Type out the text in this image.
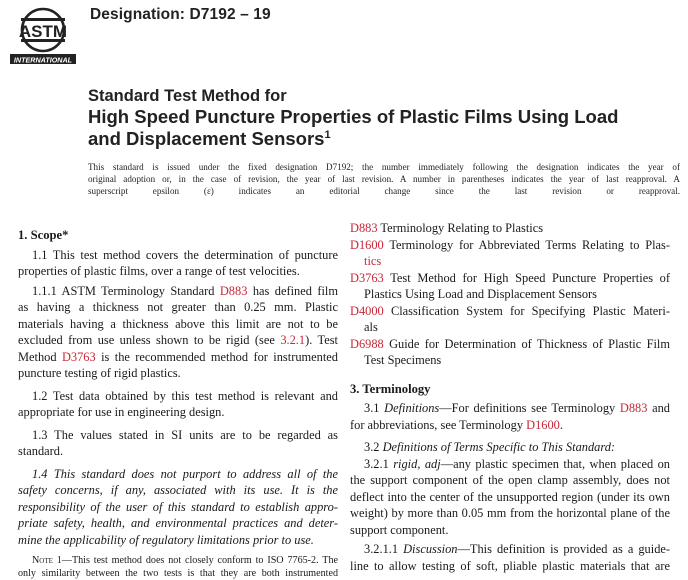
ASTM
INTERNATIONAL
Designation: D7192 – 19
Standard Test Method for
High Speed Puncture Properties of Plastic Films Using Load
and Displacement Sensors$^1$
This standard is issued under the fixed designation D7192; the number immediately following the designation indicates the year of
original adoption or, in the case of revision, the year of last revision. A number in parentheses indicates the year of last reapproval. A
superscript epsilon (ε) indicates an editorial change since the last revision or reapproval.
1. Scope*
1.1 This test method covers the determination of puncture
properties of plastic films, over a range of test velocities.
1.1.1 ASTM Terminology Standard D883 has defined film
as having a thickness not greater than 0.25 mm. Plastic
materials having a thickness above this limit are not to be
excluded from use unless shown to be rigid (see 3.2.1). Test
Method D3763 is the recommended method for instrumented
puncture testing of rigid plastics.
1.2 Test data obtained by this test method is relevant and
appropriate for use in engineering design.
1.3 The values stated in SI units are to be regarded as
standard.
1.4 This standard does not purport to address all of the
safety concerns, if any, associated with its use. It is the
responsibility of the user of this standard to establish appro-
priate safety, health, and environmental practices and deter-
mine the applicability of regulatory limitations prior to use.
Note 1—This test method does not closely conform to ISO 7765-2. The
only similarity between the two tests is that they are both instrumented
D883 Terminology Relating to Plastics
D1600 Terminology for Abbreviated Terms Relating to Plas-
tics
D3763 Test Method for High Speed Puncture Properties of
Plastics Using Load and Displacement Sensors
D4000 Classification System for Specifying Plastic Materi-
als
D6988 Guide for Determination of Thickness of Plastic Film
Test Specimens
3. Terminology
3.1 Definitions—For definitions see Terminology D883 and
for abbreviations, see Terminology D1600.
3.2 Definitions of Terms Specific to This Standard:
3.2.1 rigid, adj—any plastic specimen that, when placed on
the support component of the open clamp assembly, does not
deflect into the center of the unsupported region (under its own
weight) by more than 0.05 mm from the horizontal plane of the
support component.
3.2.1.1 Discussion—This definition is provided as a guide-
line to allow testing of soft, pliable plastic materials that are
